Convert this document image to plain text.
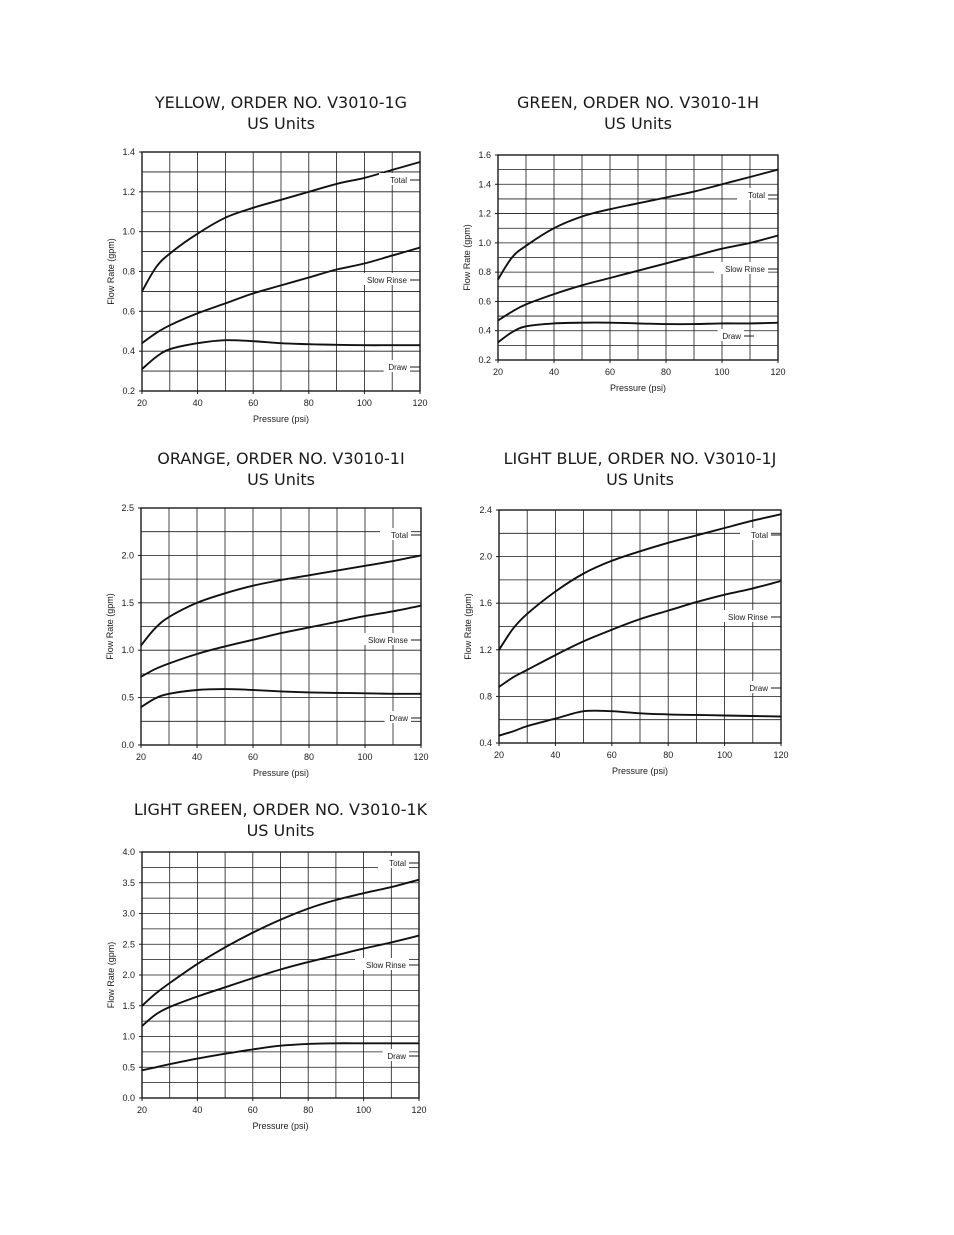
YELLOW, ORDER NO. V3010-1G
US Units
20	40	60	80	100	120
0.2
0.4
0.6
0.8
1.0
1.2
1.4
Pressure (psi)
Flow Rate (gpm)
Total
Slow Rinse
Draw
GREEN, ORDER NO. V3010-1H
US Units
20	40	60	80	100	120
0.2
0.4
0.6
0.8
1.0
1.2
1.4
1.6
Pressure (psi)
Flow Rate (gpm)
Total
Slow Rinse
Draw
ORANGE, ORDER NO. V3010-1I
US Units
20	40	60	80	100	120
0.0
0.5
1.0
1.5
2.0
2.5
Pressure (psi)
Flow Rate (gpm)
Total
Slow Rinse
Draw
LIGHT BLUE, ORDER NO. V3010-1J
US Units
20	40	60	80	100	120
0.4
0.8
1.2
1.6
2.0
2.4
Pressure (psi)
Flow Rate (gpm)
Total
Slow Rinse
Draw
LIGHT GREEN, ORDER NO. V3010-1K
US Units
20	40	60	80	100	120
0.0
0.5
1.0
1.5
2.0
2.5
3.0
3.5
4.0
Pressure (psi)
Flow Rate (gpm)
Total
Slow Rinse
Draw
